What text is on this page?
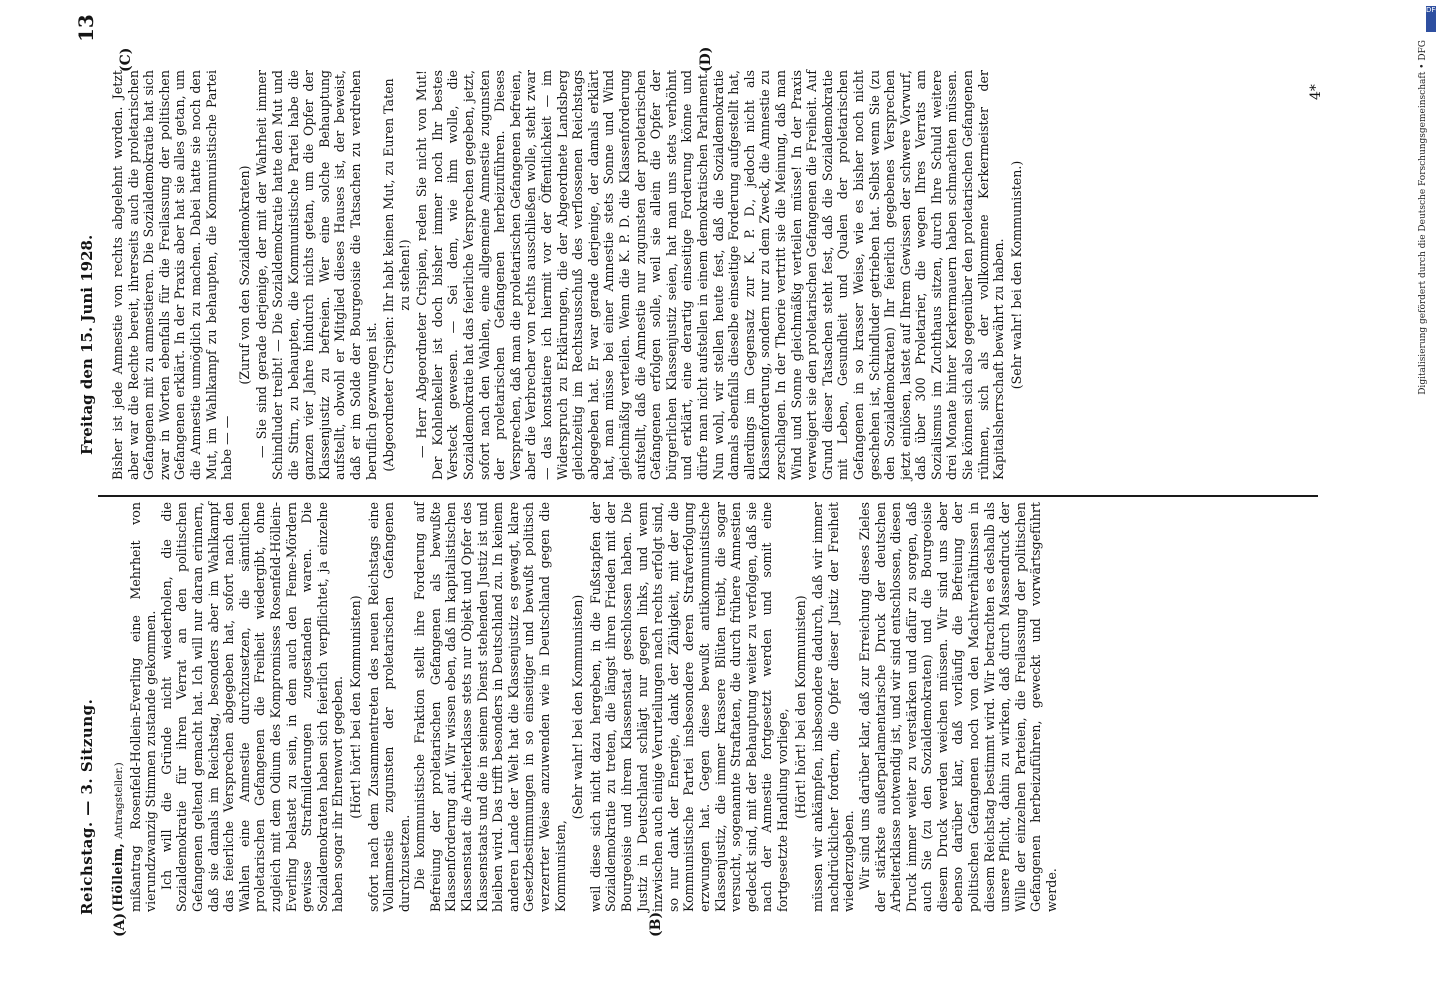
Reichstag. — 3. Sitzung.
Freitag den 15. Juni 1928.
13
(A)	(B)
(C)	(D)

(Hölleim, Antragsteller.) mißantrag Rosenfeld-Hollein-Everling eine Mehrheit von vierundzwanzig Stimmen zustande gekommen. Ich will die Gründe nicht wiederholen, die die Sozialdemokratie für ihren Verrat an den politischen Gefangenen geltend gemacht hat. Ich will nur daran erinnern, daß sie damals im Reichstag, besonders aber im Wahlkampf das feierliche Versprechen abgegeben hat, sofort nach den Wahlen eine Amnestie durchzusetzen, die sämtlichen proletarischen Gefangenen die Freiheit wiedergibt, ohne zugleich mit dem Odium des Kompromisses Rosenfeld-Höllein-Everling belastet zu sein, in dem auch den Feme-Mördern gewisse Strafmilderungen zugestanden waren. Die Sozialdemokraten haben sich feierlich verpflichtet, ja einzelne haben sogar ihr Ehrenwort gegeben. (Hört! hört! bei den Kommunisten) sofort nach dem Zusammentreten des neuen Reichstags eine Vollamnestie zugunsten der proletarischen Gefangenen durchzusetzen. Die kommunistische Fraktion stellt ihre Forderung auf Befreiung der proletarischen Gefangenen als bewußte Klassenforderung auf. Wir wissen eben, daß im kapitalistischen Klassenstaat die Arbeiterklasse stets nur Objekt und Opfer des Klassenstaats und die in seinem Dienst stehenden Justiz ist und bleiben wird. Das trifft besonders in Deutschland zu. In keinem anderen Lande der Welt hat die Klassenjustiz es gewagt, klare Gesetzbestimmungen in so einseitiger und bewußt politisch verzerrter Weise anzuwenden wie in Deutschland gegen die Kommunisten,

(Sehr wahr! bei den Kommunisten) weil diese sich nicht dazu hergeben, in die Fußstapfen der Sozialdemokratie zu treten, die längst ihren Frieden mit der Bourgeoisie und ihrem Klassenstaat geschlossen haben. Die Justiz in Deutschland schlägt nur gegen links, und wenn inzwischen auch einige Verurteilungen nach rechts erfolgt sind, so nur dank der Energie, dank der Zähigkeit, mit der die Kommunistische Partei insbesondere deren Strafverfolgung erzwungen hat. Gegen diese bewußt antikommunistische Klassenjustiz, die immer krassere Blüten treibt, die sogar versucht, sogenannte Straftaten, die durch frühere Amnestien gedeckt sind, mit der Behauptung weiter zu verfolgen, daß sie nach der Amnestie fortgesetzt werden und somit eine fortgesetzte Handlung vorliege, (Hört! hört! bei den Kommunisten) müssen wir ankämpfen, insbesondere dadurch, daß wir immer nachdrücklicher fordern, die Opfer dieser Justiz der Freiheit wiederzugeben. Wir sind uns darüber klar, daß zur Erreichung dieses Zieles der stärkste außerparlamentarische Druck der deutschen Arbeiterklasse notwendig ist, und wir sind entschlossen, diesen Druck immer weiter zu verstärken und dafür zu sorgen, daß auch Sie (zu den Sozialdemokraten) und die Bourgeoisie diesem Druck werden weichen müssen. Wir sind uns aber ebenso darüber klar, daß vorläufig die Befreiung der politischen Gefangenen noch von den Machtverhältnissen in diesem Reichstag bestimmt wird. Wir betrachten es deshalb als unsere Pflicht, dahin zu wirken, daß durch Massendruck der Wille der einzelnen Parteien, die Freilassung der politischen Gefangenen herbeizuführen, geweckt und vorwärtsgeführt werde.

Bisher ist jede Amnestie von rechts abgelehnt worden. Jetzt aber war die Rechte bereit, ihrerseits auch die proletarischen Gefangenen mit zu amnestieren. Die Sozialdemokratie hat sich zwar in Worten ebenfalls für die Freilassung der politischen Gefangenen erklärt. In der Praxis aber hat sie alles getan, um die Amnestie unmöglich zu machen. Dabei hatte sie noch den Mut, im Wahlkampf zu behaupten, die Kommunistische Partei habe — —

(Zuruf von den Sozialdemokraten) — Sie sind gerade derjenige, der mit der Wahrheit immer Schindluder treibt! — Die Sozialdemokratie hatte den Mut und die Stirn, zu behaupten, die Kommunistische Partei habe die ganzen vier Jahre hindurch nichts getan, um die Opfer der Klassenjustiz zu befreien. Wer eine solche Behauptung aufstellt, obwohl er Mitglied dieses Hauses ist, der beweist, daß er im Solde der Bourgeoisie die Tatsachen zu verdrehen beruflich gezwungen ist. (Abgeordneter Crispien: Ihr habt keinen Mut, zu Euren Taten zu stehen!) — Herr Abgeordneter Crispien, reden Sie nicht von Mut! Der Kohlenkeller ist doch bisher immer noch Ihr bestes Versteck gewesen. — Sei dem, wie ihm wolle, die Sozialdemokratie hat das feierliche Versprechen gegeben, jetzt, sofort nach den Wahlen, eine allgemeine Amnestie zugunsten der proletarischen Gefangenen herbeizuführen. Dieses Versprechen, daß man die proletarischen Gefangenen befreien, aber die Verbrecher von rechts ausschließen wolle, steht zwar — das konstatiere ich hiermit vor der Öffentlichkeit — im Widerspruch zu Erklärungen, die der Abgeordnete Landsberg gleichzeitig im Rechtsausschuß des verflossenen Reichstags abgegeben hat. Er war gerade derjenige, der damals erklärt hat, man müsse bei einer Amnestie stets Sonne und Wind gleichmäßig verteilen. Wenn die K. P. D. die Klassenforderung aufstellt, daß die Amnestie nur zugunsten der proletarischen Gefangenen erfolgen solle, weil sie allein die Opfer der bürgerlichen Klassenjustiz seien, hat man uns stets verhöhnt und erklärt, eine derartig einseitige Forderung könne und dürfe man nicht aufstellen in einem demokratischen Parlament. Nun wohl, wir stellen heute fest, daß die Sozialdemokratie damals ebenfalls dieselbe einseitige Forderung aufgestellt hat, allerdings im Gegensatz zur K. P. D., jedoch nicht als Klassenforderung, sondern nur zu dem Zweck, die Amnestie zu zerschlagen. In der Theorie vertritt sie die Meinung, daß man Wind und Sonne gleichmäßig verteilen müsse! In der Praxis verweigert sie den proletarischen Gefangenen die Freiheit. Auf Grund dieser Tatsachen steht fest, daß die Sozialdemokratie mit Leben, Gesundheit und Qualen der proletarischen Gefangenen in so krasser Weise, wie es bisher noch nicht geschehen ist, Schindluder getrieben hat. Selbst wenn Sie (zu den Sozialdemokraten) Ihr feierlich gegebenes Versprechen jetzt einlösen, lastet auf Ihrem Gewissen der schwere Vorwurf, daß über 300 Proletarier, die wegen Ihres Verrats am Sozialismus im Zuchthaus sitzen, durch Ihre Schuld weitere drei Monate hinter Kerkermauern haben schmachten müssen. Sie können sich also gegenüber den proletarischen Gefangenen rühmen, sich als der vollkommene Kerkermeister der Kapitalsherrschaft bewährt zu haben. (Sehr wahr! bei den Kommunisten.)

4*	Digitalisierung gefördert durch die Deutsche Forschungsgemeinschaft • DFG
DFG
